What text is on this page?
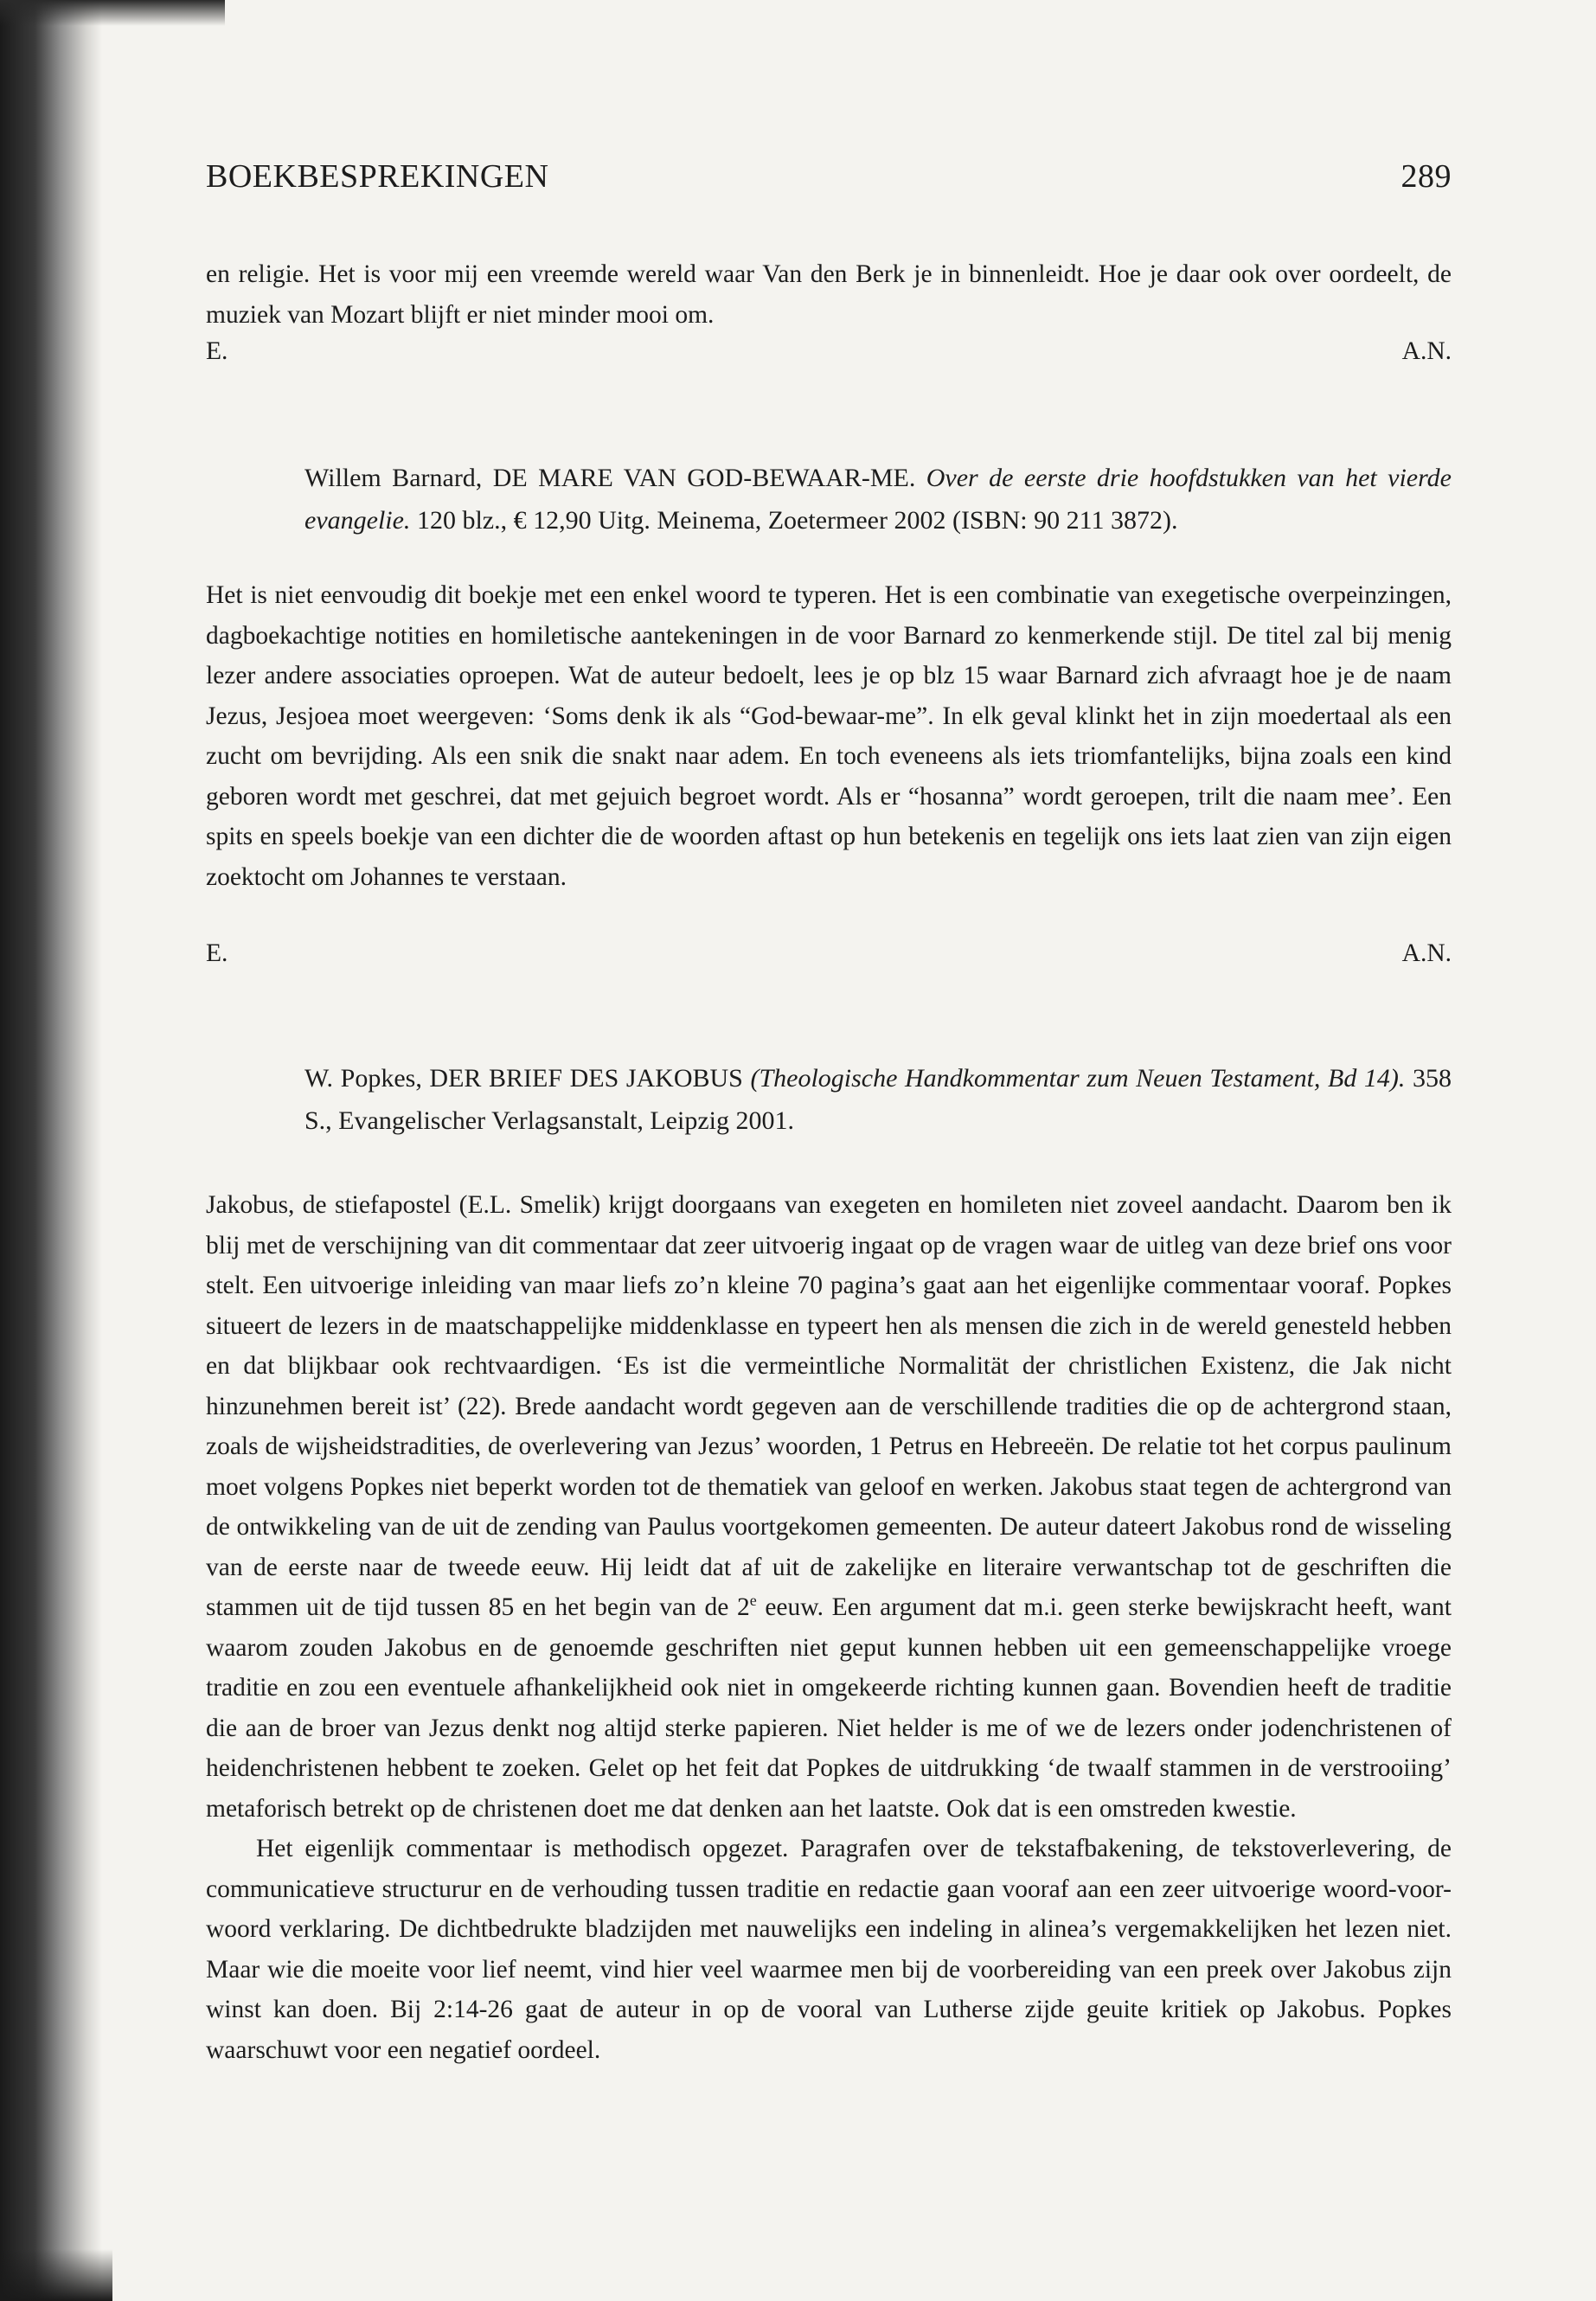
BOEKBESPREKINGEN	289

en religie. Het is voor mij een vreemde wereld waar Van den Berk je in binnenleidt. Hoe je daar ook over oordeelt, de muziek van Mozart blijft er niet minder mooi om.

E.	A.N.
Willem Barnard, DE MARE VAN GOD-BEWAAR-ME. Over de eerste drie hoofdstukken van het vierde evangelie. 120 blz., € 12,90 Uitg. Meinema, Zoetermeer 2002 (ISBN: 90 211 3872).

Het is niet eenvoudig dit boekje met een enkel woord te typeren. Het is een combinatie van exegetische overpeinzingen, dagboekachtige notities en homiletische aantekeningen in de voor Barnard zo kenmerkende stijl. De titel zal bij menig lezer andere associaties oproepen. Wat de auteur bedoelt, lees je op blz 15 waar Barnard zich afvraagt hoe je de naam Jezus, Jesjoea moet weergeven: ‘Soms denk ik als “God-bewaar-me”. In elk geval klinkt het in zijn moedertaal als een zucht om bevrijding. Als een snik die snakt naar adem. En toch eveneens als iets triomfantelijks, bijna zoals een kind geboren wordt met geschrei, dat met gejuich begroet wordt. Als er “hosanna” wordt geroepen, trilt die naam mee’. Een spits en speels boekje van een dichter die de woorden aftast op hun betekenis en tegelijk ons iets laat zien van zijn eigen zoektocht om Johannes te verstaan.

E.	A.N.
W. Popkes, DER BRIEF DES JAKOBUS (Theologische Handkommentar zum Neuen Testament, Bd 14). 358 S., Evangelischer Verlagsanstalt, Leipzig 2001.

Jakobus, de stiefapostel (E.L. Smelik) krijgt doorgaans van exegeten en homileten niet zoveel aandacht. Daarom ben ik blij met de verschijning van dit commentaar dat zeer uitvoerig ingaat op de vragen waar de uitleg van deze brief ons voor stelt. Een uitvoerige inleiding van maar liefs zo’n kleine 70 pagina’s gaat aan het eigenlijke commentaar vooraf. Popkes situeert de lezers in de maatschappelijke middenklasse en typeert hen als mensen die zich in de wereld genesteld hebben en dat blijkbaar ook rechtvaardigen. ‘Es ist die vermeintliche Normalität der christlichen Existenz, die Jak nicht hinzunehmen bereit ist’ (22). Brede aandacht wordt gegeven aan de verschillende tradities die op de achtergrond staan, zoals de wijsheidstradities, de overlevering van Jezus’ woorden, 1 Petrus en Hebreeën. De relatie tot het corpus paulinum moet volgens Popkes niet beperkt worden tot de thematiek van geloof en werken. Jakobus staat tegen de achtergrond van de ontwikkeling van de uit de zending van Paulus voortgekomen gemeenten. De auteur dateert Jakobus rond de wisseling van de eerste naar de tweede eeuw. Hij leidt dat af uit de zakelijke en literaire verwantschap tot de geschriften die stammen uit de tijd tussen 85 en het begin van de 2e eeuw. Een argument dat m.i. geen sterke bewijskracht heeft, want waarom zouden Jakobus en de genoemde geschriften niet geput kunnen hebben uit een gemeenschappelijke vroege traditie en zou een eventuele afhankelijkheid ook niet in omgekeerde richting kunnen gaan. Bovendien heeft de traditie die aan de broer van Jezus denkt nog altijd sterke papieren. Niet helder is me of we de lezers onder jodenchristenen of heidenchristenen hebbent te zoeken. Gelet op het feit dat Popkes de uitdrukking ‘de twaalf stammen in de verstrooiing’ metaforisch betrekt op de christenen doet me dat denken aan het laatste. Ook dat is een omstreden kwestie.

Het eigenlijk commentaar is methodisch opgezet. Paragrafen over de tekstafbakening, de tekstoverlevering, de communicatieve structurur en de verhouding tussen traditie en redactie gaan vooraf aan een zeer uitvoerige woord-voor-woord verklaring. De dichtbedrukte bladzijden met nauwelijks een indeling in alinea’s vergemakkelijken het lezen niet. Maar wie die moeite voor lief neemt, vind hier veel waarmee men bij de voorbereiding van een preek over Jakobus zijn winst kan doen. Bij 2:14-26 gaat de auteur in op de vooral van Lutherse zijde geuite kritiek op Jakobus. Popkes waarschuwt voor een negatief oordeel.
